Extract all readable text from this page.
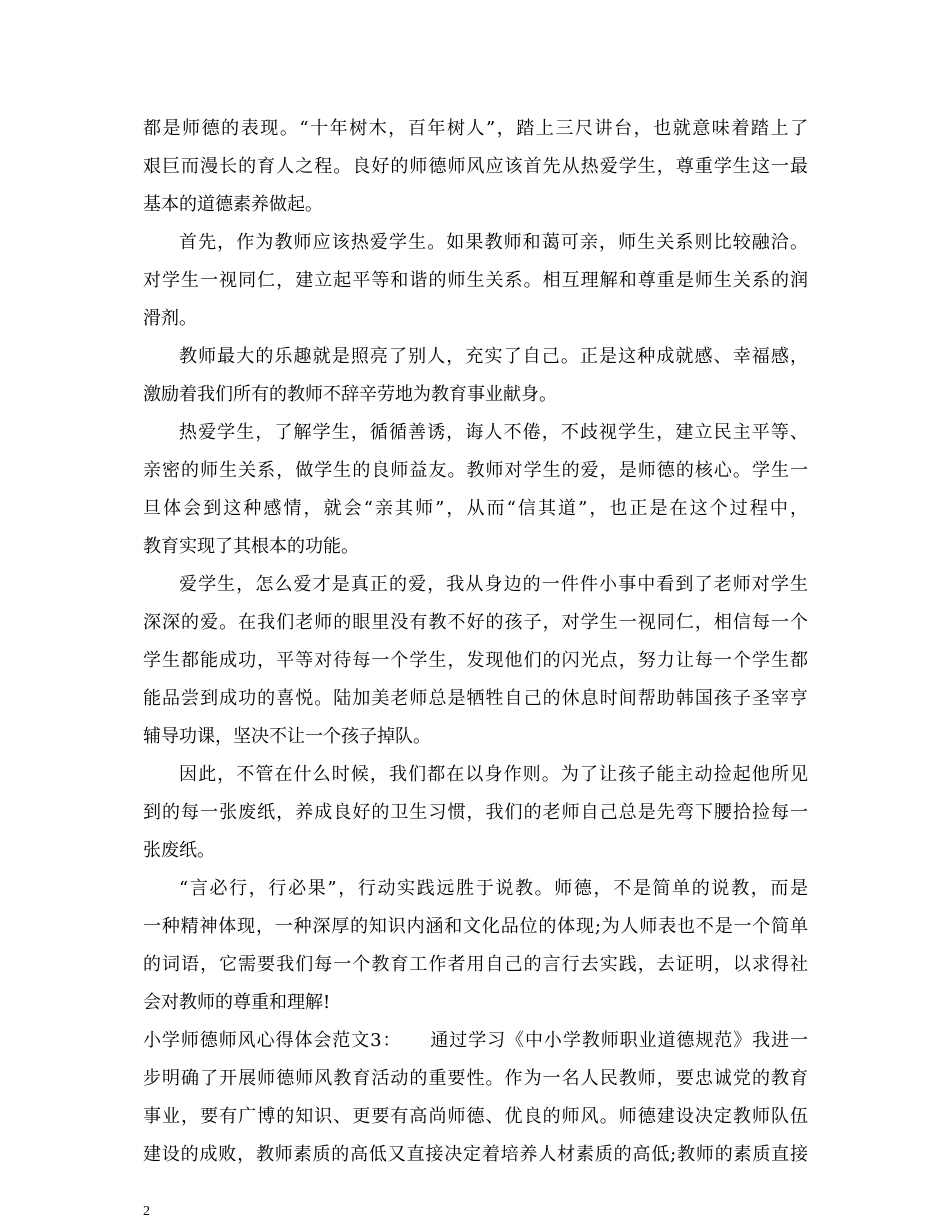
都是师德的表现。“十年树木，百年树人”，踏上三尺讲台，也就意味着踏上了
艰巨而漫长的育人之程。良好的师德师风应该首先从热爱学生，尊重学生这一最
基本的道德素养做起。
首先，作为教师应该热爱学生。如果教师和蔼可亲，师生关系则比较融洽。
对学生一视同仁，建立起平等和谐的师生关系。相互理解和尊重是师生关系的润
滑剂。
教师最大的乐趣就是照亮了别人，充实了自己。正是这种成就感、幸福感，
激励着我们所有的教师不辞辛劳地为教育事业献身。
热爱学生，了解学生，循循善诱，诲人不倦，不歧视学生，建立民主平等、
亲密的师生关系，做学生的良师益友。教师对学生的爱，是师德的核心。学生一
旦体会到这种感情，就会“亲其师”，从而“信其道”，也正是在这个过程中，
教育实现了其根本的功能。
爱学生，怎么爱才是真正的爱，我从身边的一件件小事中看到了老师对学生
深深的爱。在我们老师的眼里没有教不好的孩子，对学生一视同仁，相信每一个
学生都能成功，平等对待每一个学生，发现他们的闪光点，努力让每一个学生都
能品尝到成功的喜悦。陆加美老师总是牺牲自己的休息时间帮助韩国孩子圣宰亨
辅导功课，坚决不让一个孩子掉队。
因此，不管在什么时候，我们都在以身作则。为了让孩子能主动捡起他所见
到的每一张废纸，养成良好的卫生习惯，我们的老师自己总是先弯下腰拾捡每一
张废纸。
“言必行，行必果”，行动实践远胜于说教。师德，不是简单的说教，而是
一种精神体现，一种深厚的知识内涵和文化品位的体现;为人师表也不是一个简单
的词语，它需要我们每一个教育工作者用自己的言行去实践，去证明，以求得社
会对教师的尊重和理解!
小学师德师风心得体会范文3：　　通过学习《中小学教师职业道德规范》我进一
步明确了开展师德师风教育活动的重要性。作为一名人民教师，要忠诚党的教育
事业，要有广博的知识、更要有高尚师德、优良的师风。师德建设决定教师队伍
建设的成败，教师素质的高低又直接决定着培养人材素质的高低;教师的素质直接
2
